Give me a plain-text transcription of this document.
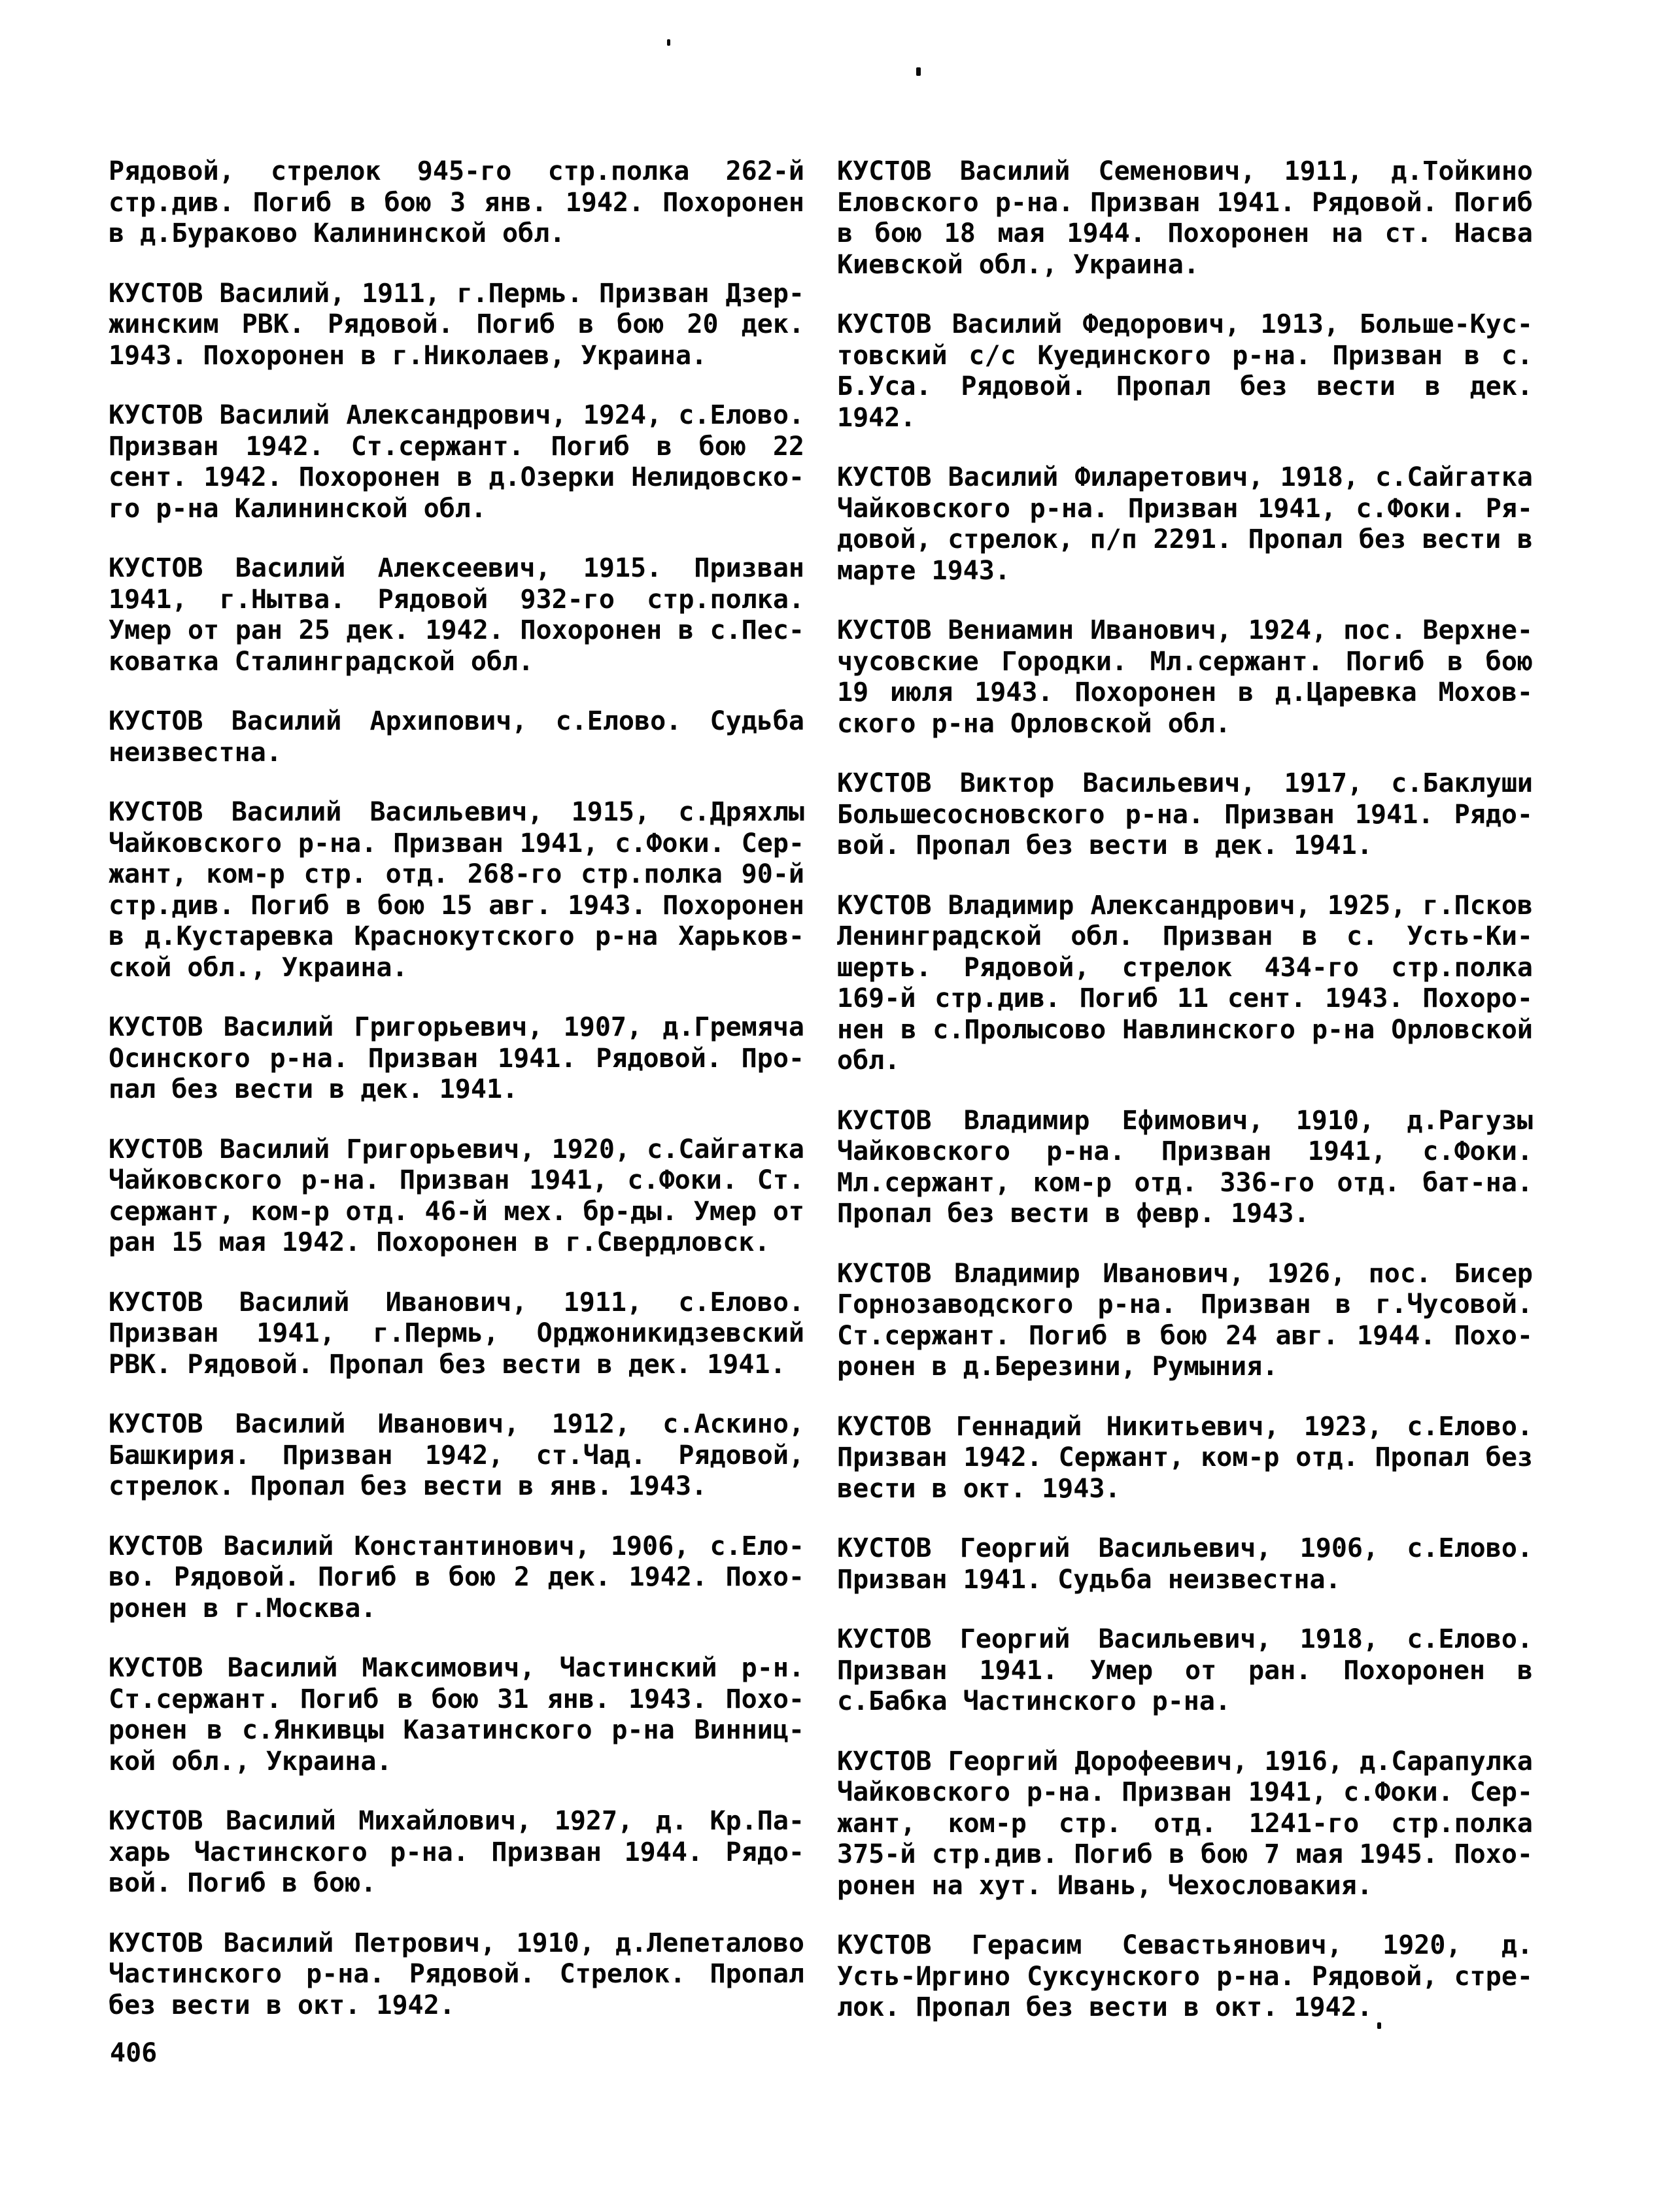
Рядовой, стрелок 945-го стр.полка 262-й
стр.див. Погиб в бою 3 янв. 1942. Похоронен
в д.Бураково Калининской обл.
КУСТОВ Василий, 1911, г.Пермь. Призван Дзер-
жинским РВК. Рядовой. Погиб в бою 20 дек.
1943. Похоронен в г.Николаев, Украина.
КУСТОВ Василий Александрович, 1924, с.Елово.
Призван 1942. Ст.сержант. Погиб в бою 22
сент. 1942. Похоронен в д.Озерки Нелидовско-
го р-на Калининской обл.
КУСТОВ Василий Алексеевич, 1915. Призван
1941, г.Нытва. Рядовой 932-го стр.полка.
Умер от ран 25 дек. 1942. Похоронен в с.Пес-
коватка Сталинградской обл.
КУСТОВ Василий Архипович, с.Елово. Судьба
неизвестна.
КУСТОВ Василий Васильевич, 1915, с.Дряхлы
Чайковского р-на. Призван 1941, с.Фоки. Сер-
жант, ком-р стр. отд. 268-го стр.полка 90-й
стр.див. Погиб в бою 15 авг. 1943. Похоронен
в д.Кустаревка Краснокутского р-на Харьков-
ской обл., Украина.
КУСТОВ Василий Григорьевич, 1907, д.Гремяча
Осинского р-на. Призван 1941. Рядовой. Про-
пал без вести в дек. 1941.
КУСТОВ Василий Григорьевич, 1920, с.Сайгатка
Чайковского р-на. Призван 1941, с.Фоки. Ст.
сержант, ком-р отд. 46-й мех. бр-ды. Умер от
ран 15 мая 1942. Похоронен в г.Свердловск.
КУСТОВ Василий Иванович, 1911, с.Елово.
Призван 1941, г.Пермь, Орджоникидзевский
РВК. Рядовой. Пропал без вести в дек. 1941.
КУСТОВ Василий Иванович, 1912, с.Аскино,
Башкирия. Призван 1942, ст.Чад. Рядовой,
стрелок. Пропал без вести в янв. 1943.
КУСТОВ Василий Константинович, 1906, с.Ело-
во. Рядовой. Погиб в бою 2 дек. 1942. Похо-
ронен в г.Москва.
КУСТОВ Василий Максимович, Частинский р-н.
Ст.сержант. Погиб в бою 31 янв. 1943. Похо-
ронен в с.Янкивцы Казатинского р-на Винниц-
кой обл., Украина.
КУСТОВ Василий Михайлович, 1927, д. Кр.Па-
харь Частинского р-на. Призван 1944. Рядо-
вой. Погиб в бою.
КУСТОВ Василий Петрович, 1910, д.Лепеталово
Частинского р-на. Рядовой. Стрелок. Пропал
без вести в окт. 1942.
КУСТОВ Василий Семенович, 1911, д.Тойкино
Еловского р-на. Призван 1941. Рядовой. Погиб
в бою 18 мая 1944. Похоронен на ст. Насва
Киевской обл., Украина.
КУСТОВ Василий Федорович, 1913, Больше-Кус-
товский с/с Куединского р-на. Призван в с.
Б.Уса. Рядовой. Пропал без вести в дек.
1942.
КУСТОВ Василий Филаретович, 1918, с.Сайгатка
Чайковского р-на. Призван 1941, с.Фоки. Ря-
довой, стрелок, п/п 2291. Пропал без вести в
марте 1943.
КУСТОВ Вениамин Иванович, 1924, пос. Верхне-
чусовские Городки. Мл.сержант. Погиб в бою
19 июля 1943. Похоронен в д.Царевка Мохов-
ского р-на Орловской обл.
КУСТОВ Виктор Васильевич, 1917, с.Баклуши
Большесосновского р-на. Призван 1941. Рядо-
вой. Пропал без вести в дек. 1941.
КУСТОВ Владимир Александрович, 1925, г.Псков
Ленинградской обл. Призван в с. Усть-Ки-
шерть. Рядовой, стрелок 434-го стр.полка
169-й стр.див. Погиб 11 сент. 1943. Похоро-
нен в с.Пролысово Навлинского р-на Орловской
обл.
КУСТОВ Владимир Ефимович, 1910, д.Рагузы
Чайковского р-на. Призван 1941, с.Фоки.
Мл.сержант, ком-р отд. 336-го отд. бат-на.
Пропал без вести в февр. 1943.
КУСТОВ Владимир Иванович, 1926, пос. Бисер
Горнозаводского р-на. Призван в г.Чусовой.
Ст.сержант. Погиб в бою 24 авг. 1944. Похо-
ронен в д.Березини, Румыния.
КУСТОВ Геннадий Никитьевич, 1923, с.Елово.
Призван 1942. Сержант, ком-р отд. Пропал без
вести в окт. 1943.
КУСТОВ Георгий Васильевич, 1906, с.Елово.
Призван 1941. Судьба неизвестна.
КУСТОВ Георгий Васильевич, 1918, с.Елово.
Призван 1941. Умер от ран. Похоронен в
с.Бабка Частинского р-на.
КУСТОВ Георгий Дорофеевич, 1916, д.Сарапулка
Чайковского р-на. Призван 1941, с.Фоки. Сер-
жант, ком-р стр. отд. 1241-го стр.полка
375-й стр.див. Погиб в бою 7 мая 1945. Похо-
ронен на хут. Ивань, Чехословакия.
КУСТОВ Герасим Севастьянович, 1920, д.
Усть-Иргино Суксунского р-на. Рядовой, стре-
лок. Пропал без вести в окт. 1942.
406
